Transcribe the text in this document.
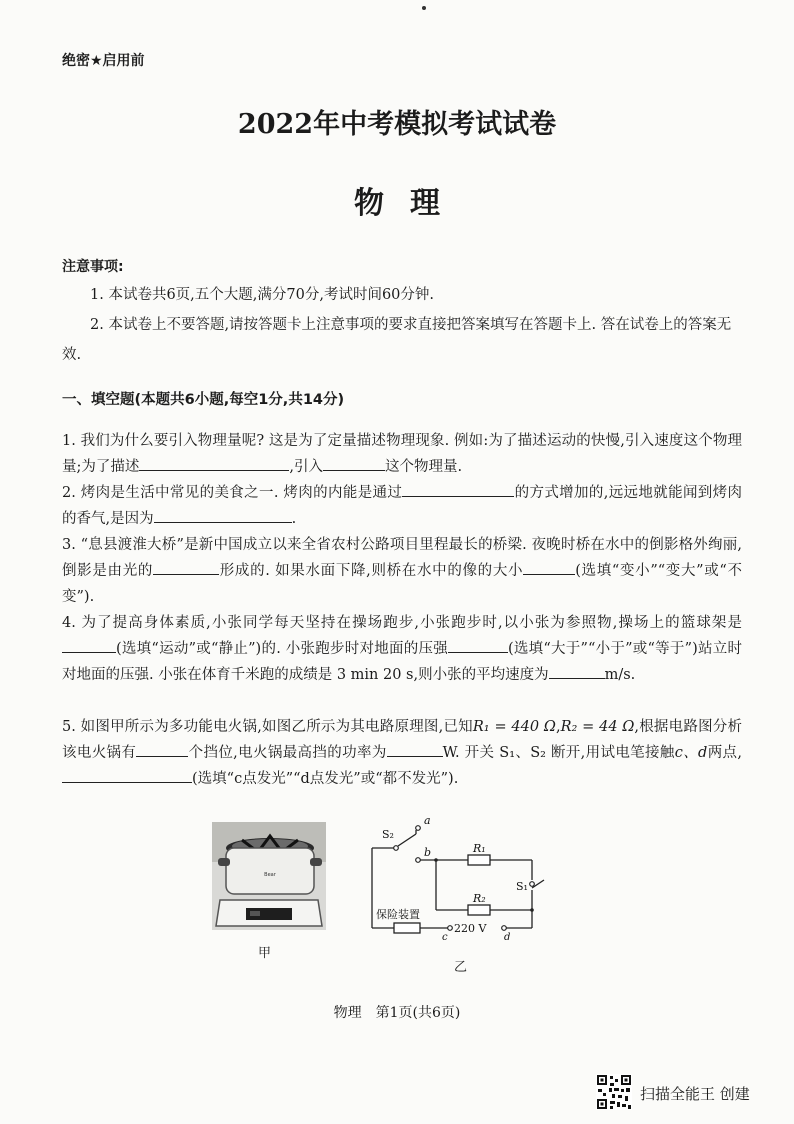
绝密★启用前
2022年中考模拟考试试卷
物理
注意事项:
1. 本试卷共6页,五个大题,满分70分,考试时间60分钟.
2. 本试卷上不要答题,请按答题卡上注意事项的要求直接把答案填写在答题卡上. 答在试卷上的答案无效.
一、填空题(本题共6小题,每空1分,共14分)

1. 我们为什么要引入物理量呢? 这是为了定量描述物理现象. 例如:为了描述运动的快慢,引入速度这个物理量;为了描述	,引入	这个物理量.

2. 烤肉是生活中常见的美食之一. 烤肉的内能是通过	的方式增加的,远远地就能闻到烤肉的香气,是因为	.

3. “息县渡淮大桥”是新中国成立以来全省农村公路项目里程最长的桥梁. 夜晚时桥在水中的倒影格外绚丽,倒影是由光的	形成的. 如果水面下降,则桥在水中的像的大小	(选填“变小”“变大”或“不变”).

4. 为了提高身体素质,小张同学每天坚持在操场跑步,小张跑步时,以小张为参照物,操场上的篮球架是(选填“运动”或“静止”)的. 小张跑步时对地面的压强	(选填“大于”“小于”或“等于”)站立时对地面的压强. 小张在体育千米跑的成绩是 3 min 20 s,则小张的平均速度为	m/s.

5. 如图甲所示为多功能电火锅,如图乙所示为其电路原理图,已知R₁ = 440 Ω,R₂ = 44 Ω,根据电路图分析该电火锅有	个挡位,电火锅最高挡的功率为	W. 开关 S₁、S₂ 断开,用试电笔接触c、d两点,(选填“c点发光”“d点发光”或“都不发光”).

Bear
甲
S₂
a
b	R₁
R₂
S₁
保险装置
220 V
c	d
乙
物理　第1页(共6页)
扫描全能王 创建
